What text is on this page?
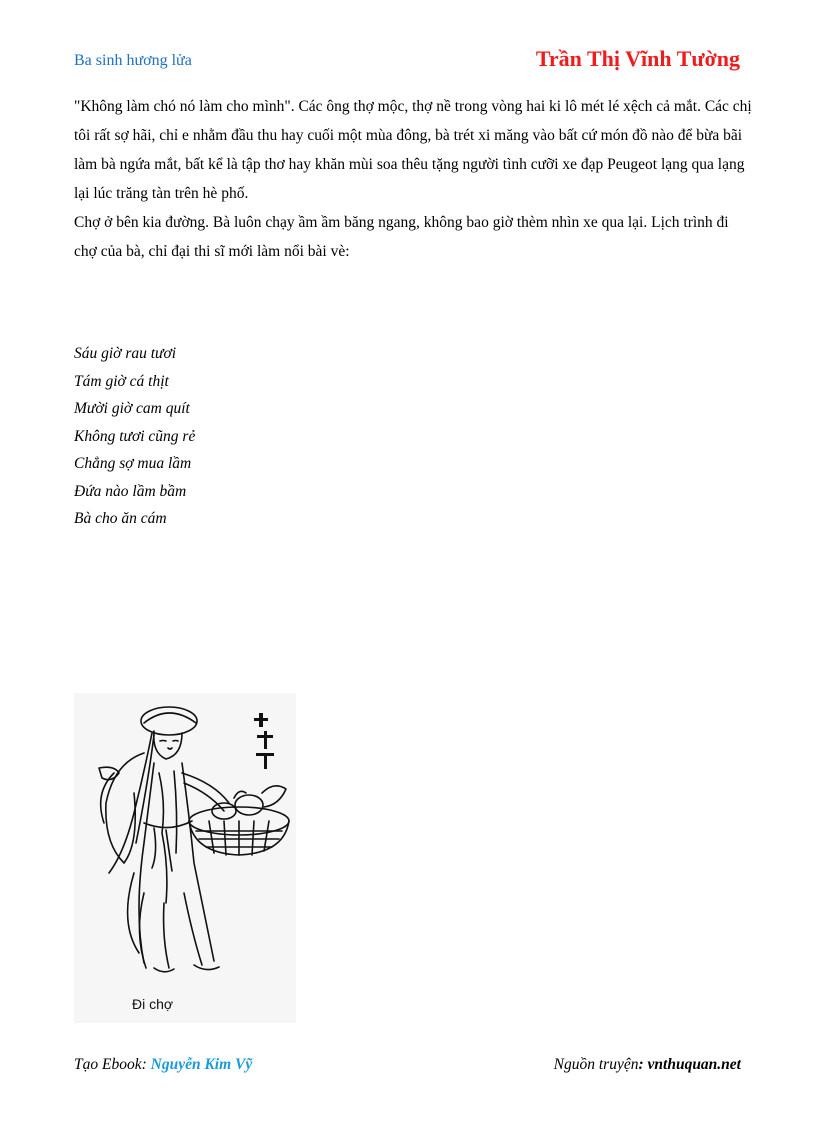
Ba sinh hương lửa	Trần Thị Vĩnh Tường

"Không làm chó nó làm cho mình". Các ông thợ mộc, thợ nề trong vòng hai ki lô mét lé xệch cả mắt. Các chị tôi rất sợ hãi, chỉ e nhằm đầu thu hay cuối một mùa đông, bà trét xi măng vào bất cứ món đồ nào để bừa bãi làm bà ngứa mắt, bất kể là tập thơ hay khăn mùi soa thêu tặng người tình cưỡi xe đạp Peugeot lạng qua lạng lại lúc trăng tàn trên hè phố.

Chợ ở bên kia đường. Bà luôn chạy ầm ầm băng ngang, không bao giờ thèm nhìn xe qua lại. Lịch trình đi chợ của bà, chỉ đại thi sĩ mới làm nổi bài vè:

Sáu giờ rau tươi
Tám giờ cá thịt
Mười giờ cam quít
Không tươi cũng rẻ
Chẳng sợ mua lầm
Đứa nào lầm bầm
Bà cho ăn cám
Đi chợ
Tạo Ebook: Nguyễn Kim Vỹ	Nguồn truyện: vnthuquan.net
